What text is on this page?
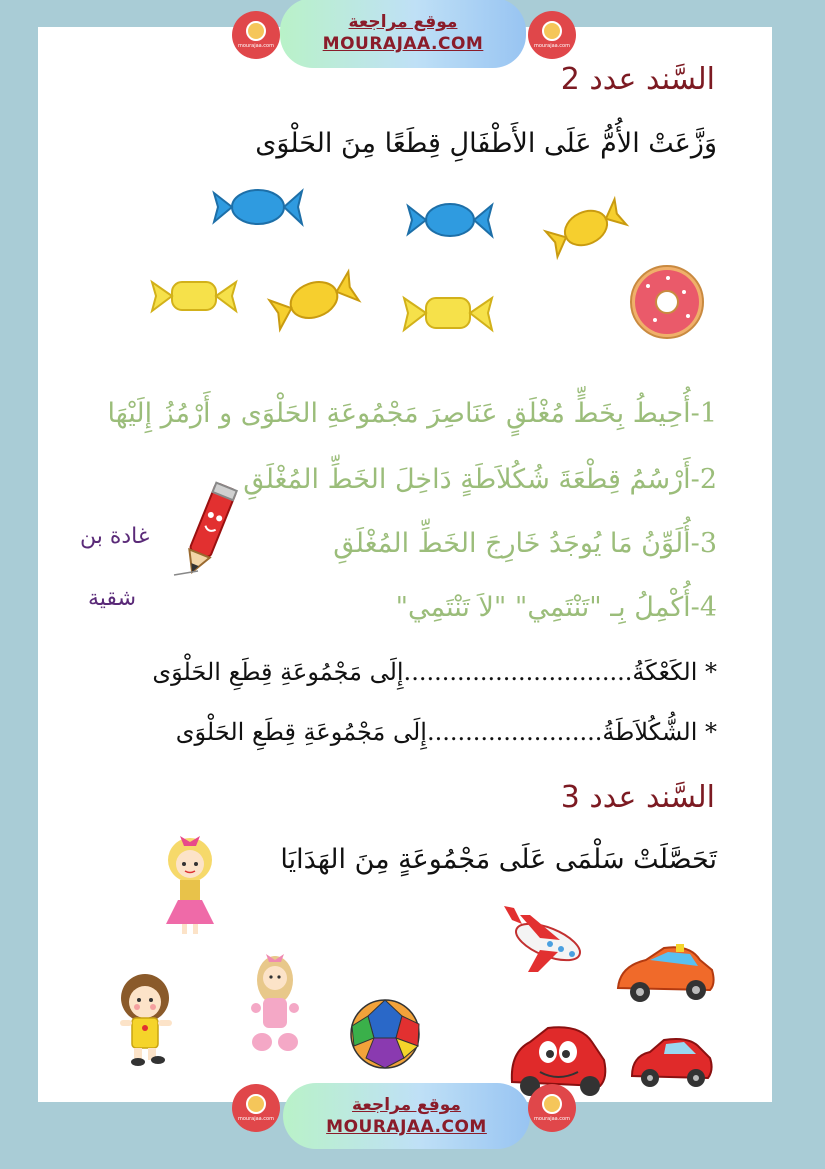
mourajaa.com
موقع مراجعة
MOURAJAA.COM	mourajaa.com
السَّند عدد 2
وَزَّعَتْ الأُمُّ عَلَى الأَطْفَالِ قِطَعًا مِنَ الحَلْوَى
1-أُحِيطُ بِخَطٍّ مُغْلَقٍ عَنَاصِرَ مَجْمُوعَةِ الحَلْوَى و أَرْمُزُ إِلَيْهَا
2-أَرْسُمُ قِطْعَةَ شُكُلاَطَةٍ دَاخِلَ الخَطِّ المُغْلَقِ
3-أُلَوِّنُ مَا يُوجَدُ خَارِجَ الخَطِّ المُغْلَقِ
4-أُكْمِلُ بِـ "تَنْتَمِي" "لاَ تَنْتَمِي"
غادة بن
شقية
* الكَعْكَةُ..............................إِلَى مَجْمُوعَةِ قِطَعِ الحَلْوَى
* الشُّكُلاَطَةُ.......................إِلَى مَجْمُوعَةِ قِطَعِ الحَلْوَى
السَّند عدد 3
تَحَصَّلَتْ سَلْمَى عَلَى مَجْمُوعَةٍ مِنَ الهَدَايَا
mourajaa.com
موقع مراجعة
MOURAJAA.COM	mourajaa.com
